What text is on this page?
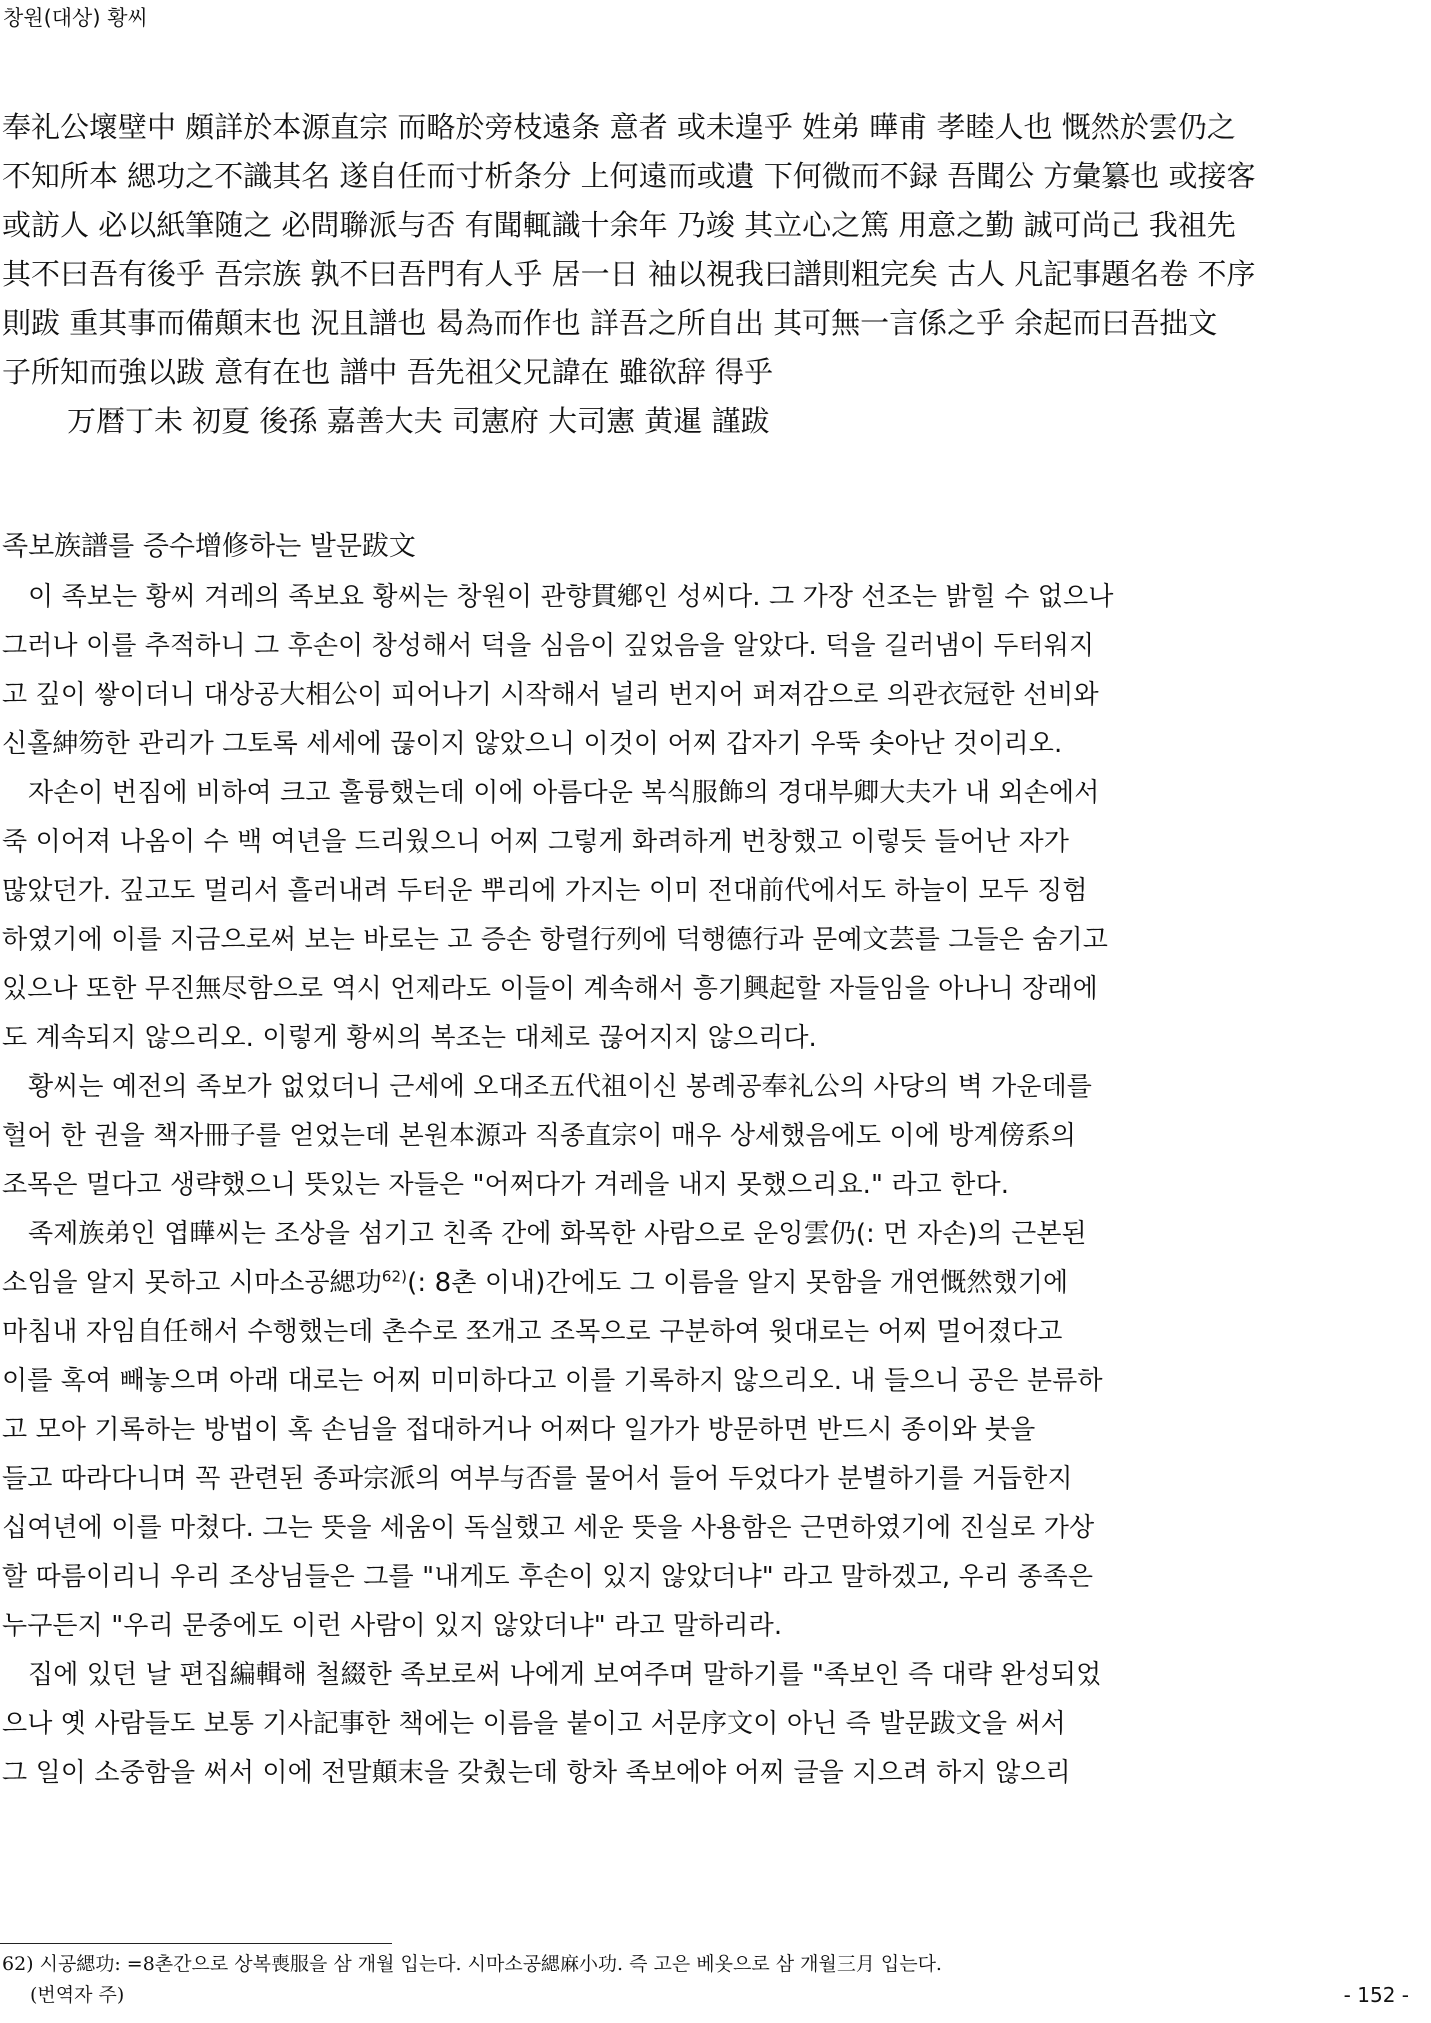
창원(대상) 황씨
奉礼公壞壁中 頗詳於本源直宗 而略於旁枝遠条 意者 或未遑乎 姓弟 曄甫 孝睦人也 慨然於雲仍之
不知所本 緦功之不識其名 遂自任而寸析条分 上何遠而或遺 下何微而不録 吾聞公 方彙纂也 或接客
或訪人 必以紙筆随之 必問聯派与否 有聞輒識十余年 乃竣 其立心之篤 用意之勤 誠可尚己 我祖先
其不曰吾有後乎 吾宗族 孰不曰吾門有人乎 居一日 袖以視我曰譜則粗完矣 古人 凡記事題名卷 不序
則跋 重其事而備顛末也 況且譜也 曷為而作也 詳吾之所自出 其可無一言係之乎 余起而曰吾拙文
子所知而強以跋 意有在也 譜中 吾先祖父兄諱在 雖欲辞 得乎
万暦丁未 初夏 後孫 嘉善大夫 司憲府 大司憲 黄暹 謹跋
족보族譜를 증수增修하는 발문跋文
이 족보는 황씨 겨레의 족보요 황씨는 창원이 관향貫鄕인 성씨다. 그 가장 선조는 밝힐 수 없으나
그러나 이를 추적하니 그 후손이 창성해서 덕을 심음이 깊었음을 알았다. 덕을 길러냄이 두터워지
고 깊이 쌓이더니 대상공大相公이 피어나기 시작해서 널리 번지어 퍼져감으로 의관衣冠한 선비와
신홀紳笏한 관리가 그토록 세세에 끊이지 않았으니 이것이 어찌 갑자기 우뚝 솟아난 것이리오.
자손이 번짐에 비하여 크고 훌륭했는데 이에 아름다운 복식服飾의 경대부卿大夫가 내 외손에서
죽 이어져 나옴이 수 백 여년을 드리웠으니 어찌 그렇게 화려하게 번창했고 이렇듯 들어난 자가
많았던가. 깊고도 멀리서 흘러내려 두터운 뿌리에 가지는 이미 전대前代에서도 하늘이 모두 징험
하였기에 이를 지금으로써 보는 바로는 고 증손 항렬行列에 덕행德行과 문예文芸를 그들은 숨기고
있으나 또한 무진無尽함으로 역시 언제라도 이들이 계속해서 흥기興起할 자들임을 아나니 장래에
도 계속되지 않으리오. 이렇게 황씨의 복조는 대체로 끊어지지 않으리다.
황씨는 예전의 족보가 없었더니 근세에 오대조五代祖이신 봉례공奉礼公의 사당의 벽 가운데를
헐어 한 권을 책자冊子를 얻었는데 본원本源과 직종直宗이 매우 상세했음에도 이에 방계傍系의
조목은 멀다고 생략했으니 뜻있는 자들은 "어쩌다가 겨레을 내지 못했으리요." 라고 한다.
족제族弟인 엽曄씨는 조상을 섬기고 친족 간에 화목한 사람으로 운잉雲仍(: 먼 자손)의 근본된
소임을 알지 못하고 시마소공緦功$^{62)}$(: 8촌 이내)간에도 그 이름을 알지 못함을 개연慨然했기에
마침내 자임自任해서 수행했는데 촌수로 쪼개고 조목으로 구분하여 윗대로는 어찌 멀어졌다고
이를 혹여 빼놓으며 아래 대로는 어찌 미미하다고 이를 기록하지 않으리오. 내 들으니 공은 분류하
고 모아 기록하는 방법이 혹 손님을 접대하거나 어쩌다 일가가 방문하면 반드시 종이와 붓을
들고 따라다니며 꼭 관련된 종파宗派의 여부与否를 물어서 들어 두었다가 분별하기를 거듭한지
십여년에 이를 마쳤다. 그는 뜻을 세움이 독실했고 세운 뜻을 사용함은 근면하였기에 진실로 가상
할 따름이리니 우리 조상님들은 그를 "내게도 후손이 있지 않았더냐" 라고 말하겠고, 우리 종족은
누구든지 "우리 문중에도 이런 사람이 있지 않았더냐" 라고 말하리라.
집에 있던 날 편집編輯해 철綴한 족보로써 나에게 보여주며 말하기를 "족보인 즉 대략 완성되었
으나 옛 사람들도 보통 기사記事한 책에는 이름을 붙이고 서문序文이 아닌 즉 발문跋文을 써서
그 일이 소중함을 써서 이에 전말顛末을 갖췄는데 항차 족보에야 어찌 글을 지으려 하지 않으리
62) 시공緦功: =8촌간으로 상복喪服을 삼 개월 입는다. 시마소공緦麻小功. 즉 고은 베옷으로 삼 개월三月 입는다.
(번역자 주)	- 152 -
